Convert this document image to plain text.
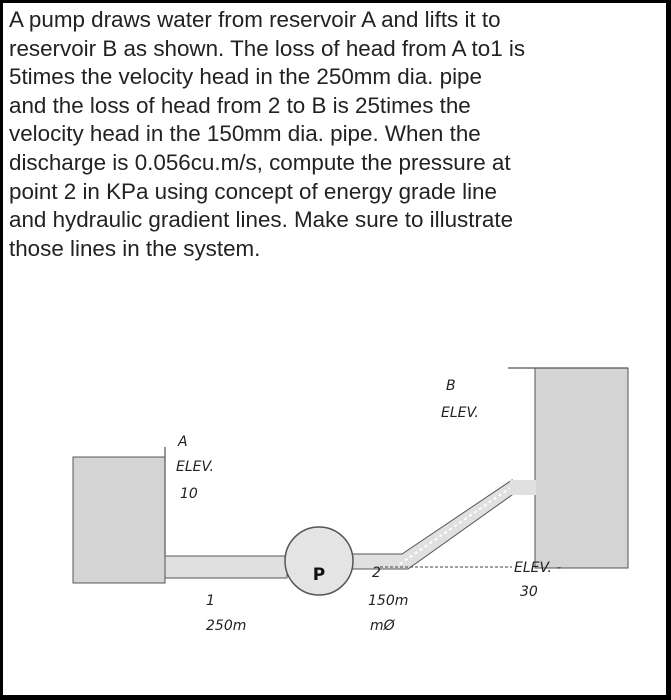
A pump draws water from reservoir A and lifts it to
reservoir B as shown. The loss of head from A to1 is
5times the velocity head in the 250mm dia. pipe
and the loss of head from 2 to B is 25times the
velocity head in the 150mm dia. pipe. When the
discharge is 0.056cu.m/s, compute the pressure at
point 2 in KPa using concept of energy grade line
and hydraulic gradient lines. Make sure to illustrate
those lines in the system.
P
A
ELEV.
10
B
ELEV.
1
250m
2
150m
mØ
ELEV. -
30
